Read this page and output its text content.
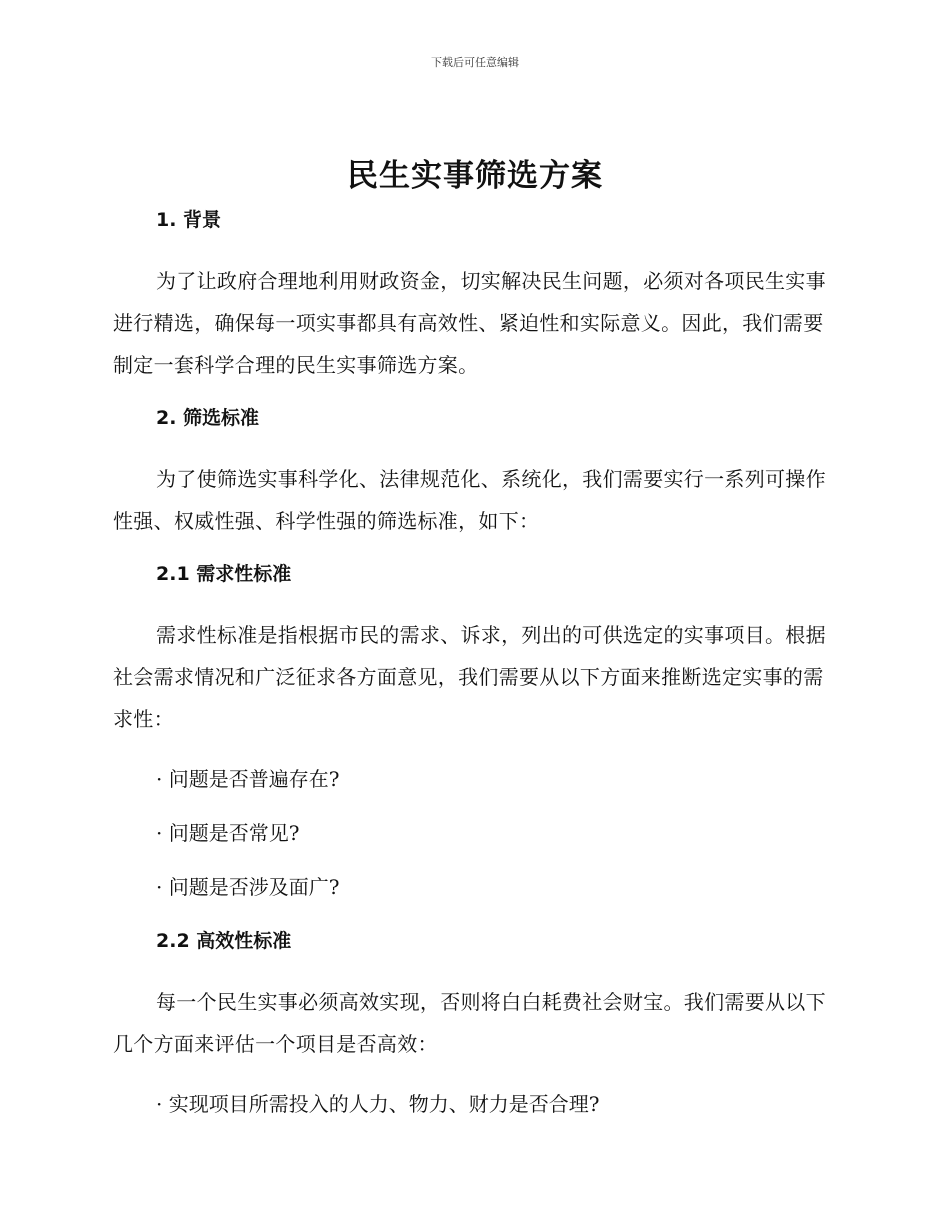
下载后可任意编辑
民生实事筛选方案
1. 背景

为了让政府合理地利用财政资金，切实解决民生问题，必须对各项民生实事进行精选，确保每一项实事都具有高效性、紧迫性和实际意义。因此，我们需要制定一套科学合理的民生实事筛选方案。

2. 筛选标准

为了使筛选实事科学化、法律规范化、系统化，我们需要实行一系列可操作性强、权威性强、科学性强的筛选标准，如下：

2.1 需求性标准

需求性标准是指根据市民的需求、诉求，列出的可供选定的实事项目。根据社会需求情况和广泛征求各方面意见，我们需要从以下方面来推断选定实事的需求性：

· 问题是否普遍存在?

· 问题是否常见?

· 问题是否涉及面广?

2.2 高效性标准

每一个民生实事必须高效实现，否则将白白耗费社会财宝。我们需要从以下几个方面来评估一个项目是否高效：

· 实现项目所需投入的人力、物力、财力是否合理?
